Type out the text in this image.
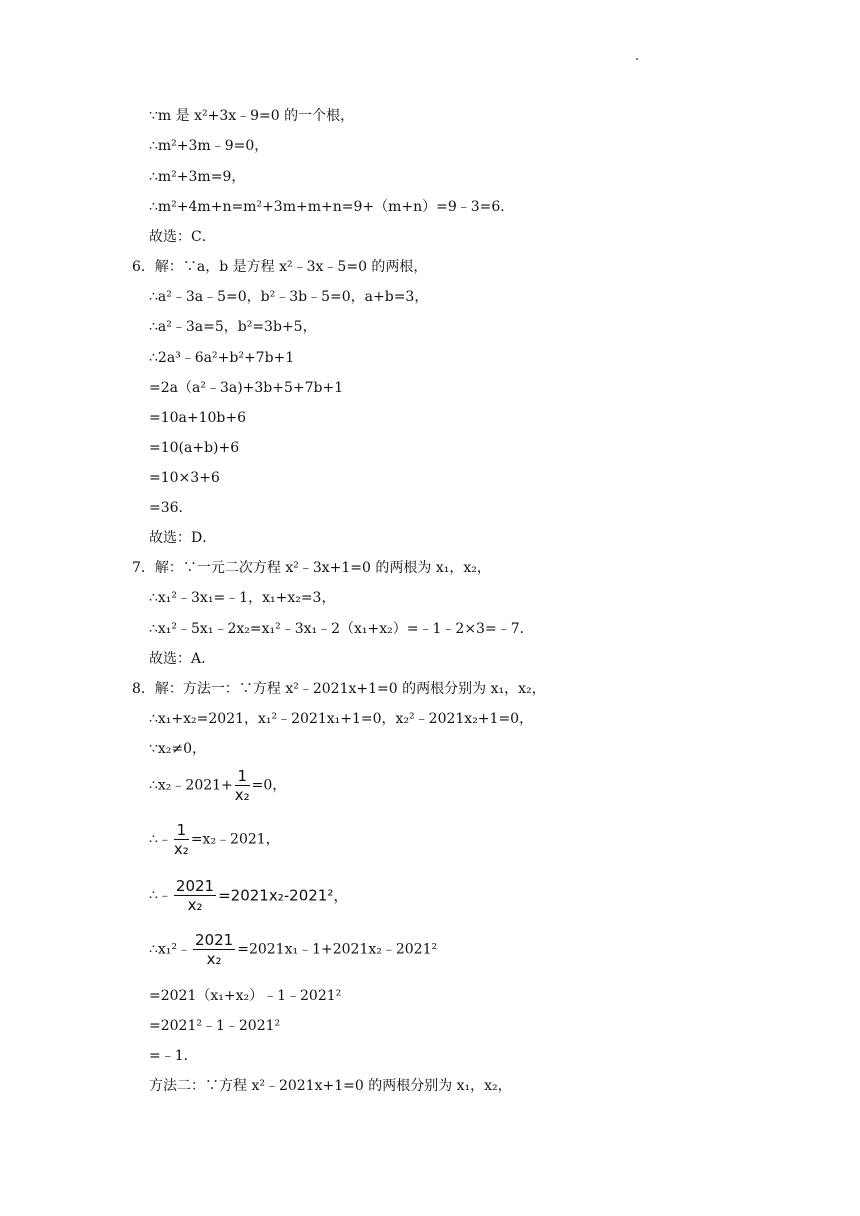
∵m 是 x²+3x﹣9=0 的一个根，
∴m²+3m﹣9=0，
∴m²+3m=9，
∴m²+4m+n=m²+3m+m+n=9+（m+n）=9﹣3=6．
故选：C．
6．解：∵a，b 是方程 x²﹣3x﹣5=0 的两根，
∴a²﹣3a﹣5=0，b²﹣3b﹣5=0，a+b=3，
∴a²﹣3a=5，b²=3b+5，
∴2a³﹣6a²+b²+7b+1
=2a（a²﹣3a)+3b+5+7b+1
=10a+10b+6
=10(a+b)+6
=10×3+6
=36．
故选：D．
7．解：∵一元二次方程 x²﹣3x+1=0 的两根为 x₁，x₂，
∴x₁²﹣3x₁=﹣1，x₁+x₂=3，
∴x₁²﹣5x₁﹣2x₂=x₁²﹣3x₁﹣2（x₁+x₂）=﹣1﹣2×3=﹣7．
故选：A．
8．解：方法一：∵方程 x²﹣2021x+1=0 的两根分别为 x₁，x₂，
∴x₁+x₂=2021，x₁²﹣2021x₁+1=0，x₂²﹣2021x₂+1=0，
∵x₂≠0，
∴x₂﹣2021+ $\frac{1}{\text{x₂}} =0$，
∴﹣ $\frac{1}{\text{x₂}}$ =x₂﹣2021，
∴﹣ $\frac{2021}{\text{x₂}} =2021x_2-2021^2$，
∴x₁²﹣ $\frac{2021}{\text{x₂}}$ =2021x₁﹣1+2021x₂﹣2021²
=2021（x₁+x₂）﹣1﹣2021²
=2021²﹣1﹣2021²
=﹣1．
方法二：∵方程 x²﹣2021x+1=0 的两根分别为 x₁，x₂，
